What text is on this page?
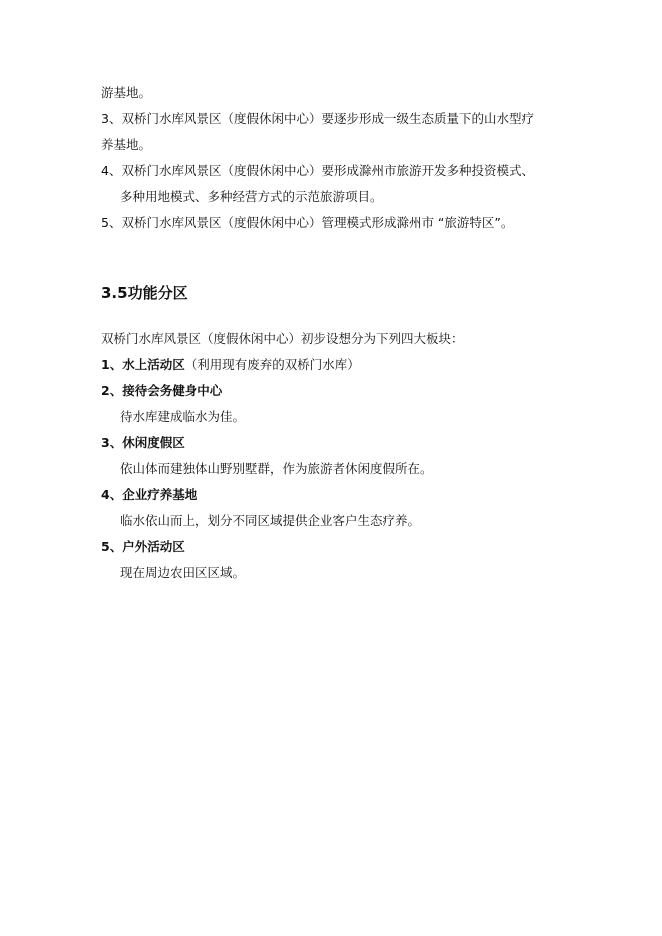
游基地。
3、双桥门水库风景区（度假休闲中心）要逐步形成一级生态质量下的山水型疗
养基地。
4、双桥门水库风景区（度假休闲中心）要形成滁州市旅游开发多种投资模式、
多种用地模式、多种经营方式的示范旅游项目。
5、双桥门水库风景区（度假休闲中心）管理模式形成滁州市 “旅游特区”。
3.5功能分区
双桥门水库风景区（度假休闲中心）初步设想分为下列四大板块：
1、水上活动区（利用现有废弃的双桥门水库）
2、接待会务健身中心
待水库建成临水为佳。
3、休闲度假区
依山体而建独体山野别墅群，作为旅游者休闲度假所在。
4、企业疗养基地
临水依山而上，划分不同区域提供企业客户生态疗养。
5、户外活动区
现在周边农田区区域。
